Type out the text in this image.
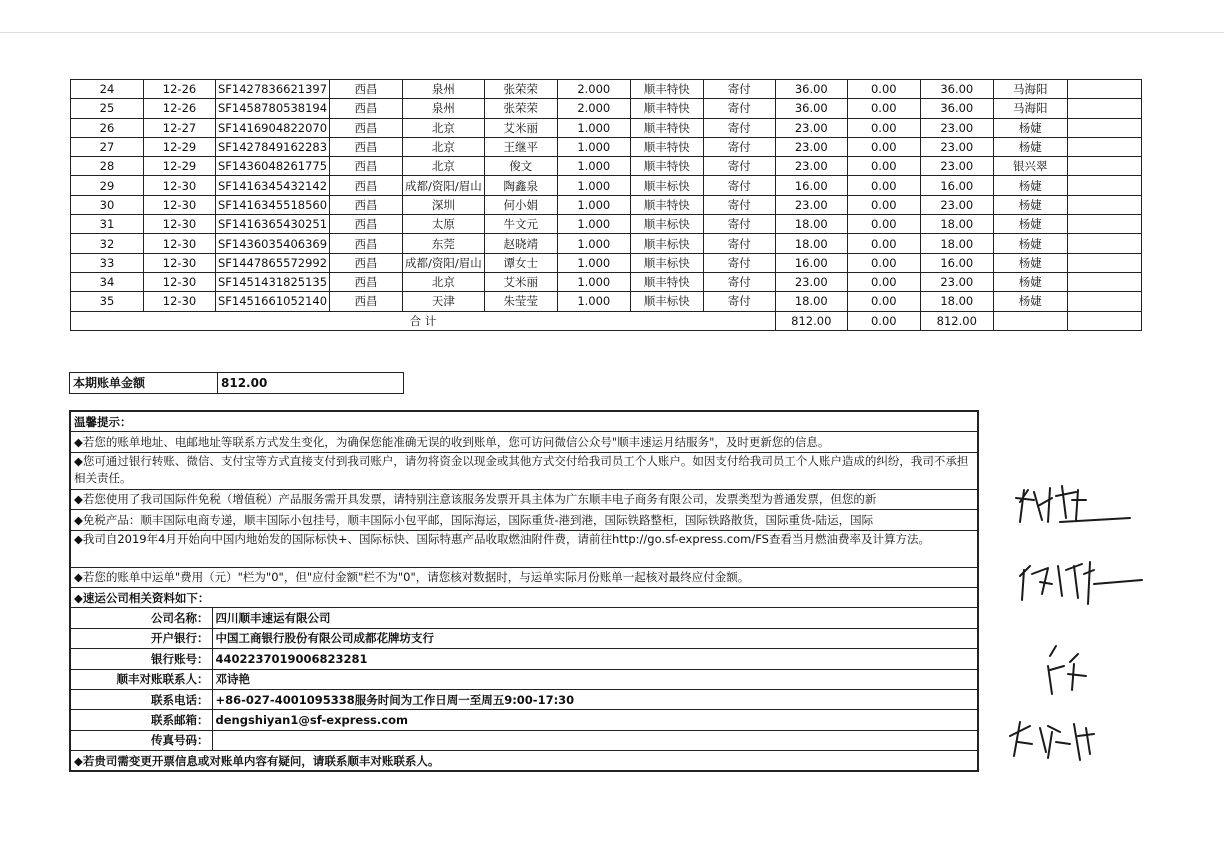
24	12-26	SF1427836621397	西昌	泉州	张荣荣	2.000	顺丰特快	寄付	36.00	0.00	36.00	马海阳	
25	12-26	SF1458780538194	西昌	泉州	张荣荣	2.000	顺丰特快	寄付	36.00	0.00	36.00	马海阳	
26	12-27	SF1416904822070	西昌	北京	艾米丽	1.000	顺丰特快	寄付	23.00	0.00	23.00	杨婕	
27	12-29	SF1427849162283	西昌	北京	王继平	1.000	顺丰特快	寄付	23.00	0.00	23.00	杨婕	
28	12-29	SF1436048261775	西昌	北京	俊文	1.000	顺丰特快	寄付	23.00	0.00	23.00	银兴翠	
29	12-30	SF1416345432142	西昌	成都/资阳/眉山	陶鑫泉	1.000	顺丰标快	寄付	16.00	0.00	16.00	杨婕	
30	12-30	SF1416345518560	西昌	深圳	何小娟	1.000	顺丰特快	寄付	23.00	0.00	23.00	杨婕	
31	12-30	SF1416365430251	西昌	太原	牛文元	1.000	顺丰标快	寄付	18.00	0.00	18.00	杨婕	
32	12-30	SF1436035406369	西昌	东莞	赵晓靖	1.000	顺丰标快	寄付	18.00	0.00	18.00	杨婕	
33	12-30	SF1447865572992	西昌	成都/资阳/眉山	谭女士	1.000	顺丰标快	寄付	16.00	0.00	16.00	杨婕	
34	12-30	SF1451431825135	西昌	北京	艾米丽	1.000	顺丰特快	寄付	23.00	0.00	23.00	杨婕	
35	12-30	SF1451661052140	西昌	天津	朱莹莹	1.000	顺丰标快	寄付	18.00	0.00	18.00	杨婕	
合 计									812.00	0.00	812.00		
本期账单金额	812.00
温馨提示：	
◆若您的账单地址、电邮地址等联系方式发生变化，为确保您能准确无误的收到账单，您可访问微信公众号"顺丰速运月结服务"，及时更新您的信息。	
◆您可通过银行转账、微信、支付宝等方式直接支付到我司账户，请勿将资金以现金或其他方式交付给我司员工个人账户。如因支付给我司员工个人账户造成的纠纷，我司不承担相关责任。	
◆若您使用了我司国际件免税（增值税）产品服务需开具发票，请特别注意该服务发票开具主体为广东顺丰电子商务有限公司，发票类型为普通发票，但您的新	
◆免税产品：顺丰国际电商专递，顺丰国际小包挂号，顺丰国际小包平邮，国际海运，国际重货-港到港，国际铁路整柜，国际铁路散货，国际重货-陆运，国际	
◆我司自2019年4月开始向中国内地始发的国际标快+、国际标快、国际特惠产品收取燃油附件费，请前往http://go.sf-express.com/FS查看当月燃油费率及计算方法。	
◆若您的账单中运单"费用（元）"栏为"0"，但"应付金额"栏不为"0"，请您核对数据时，与运单实际月份账单一起核对最终应付金额。	
◆速运公司相关资料如下：	
公司名称：	四川顺丰速运有限公司
开户银行：	中国工商银行股份有限公司成都花牌坊支行
银行账号：	4402237019006823281
顺丰对账联系人：	邓诗艳
联系电话：	+86-027-4001095338服务时间为工作日周一至周五9:00-17:30
联系邮箱：	dengshiyan1@sf-express.com
传真号码：	
◆若贵司需变更开票信息或对账单内容有疑问，请联系顺丰对账联系人。	
